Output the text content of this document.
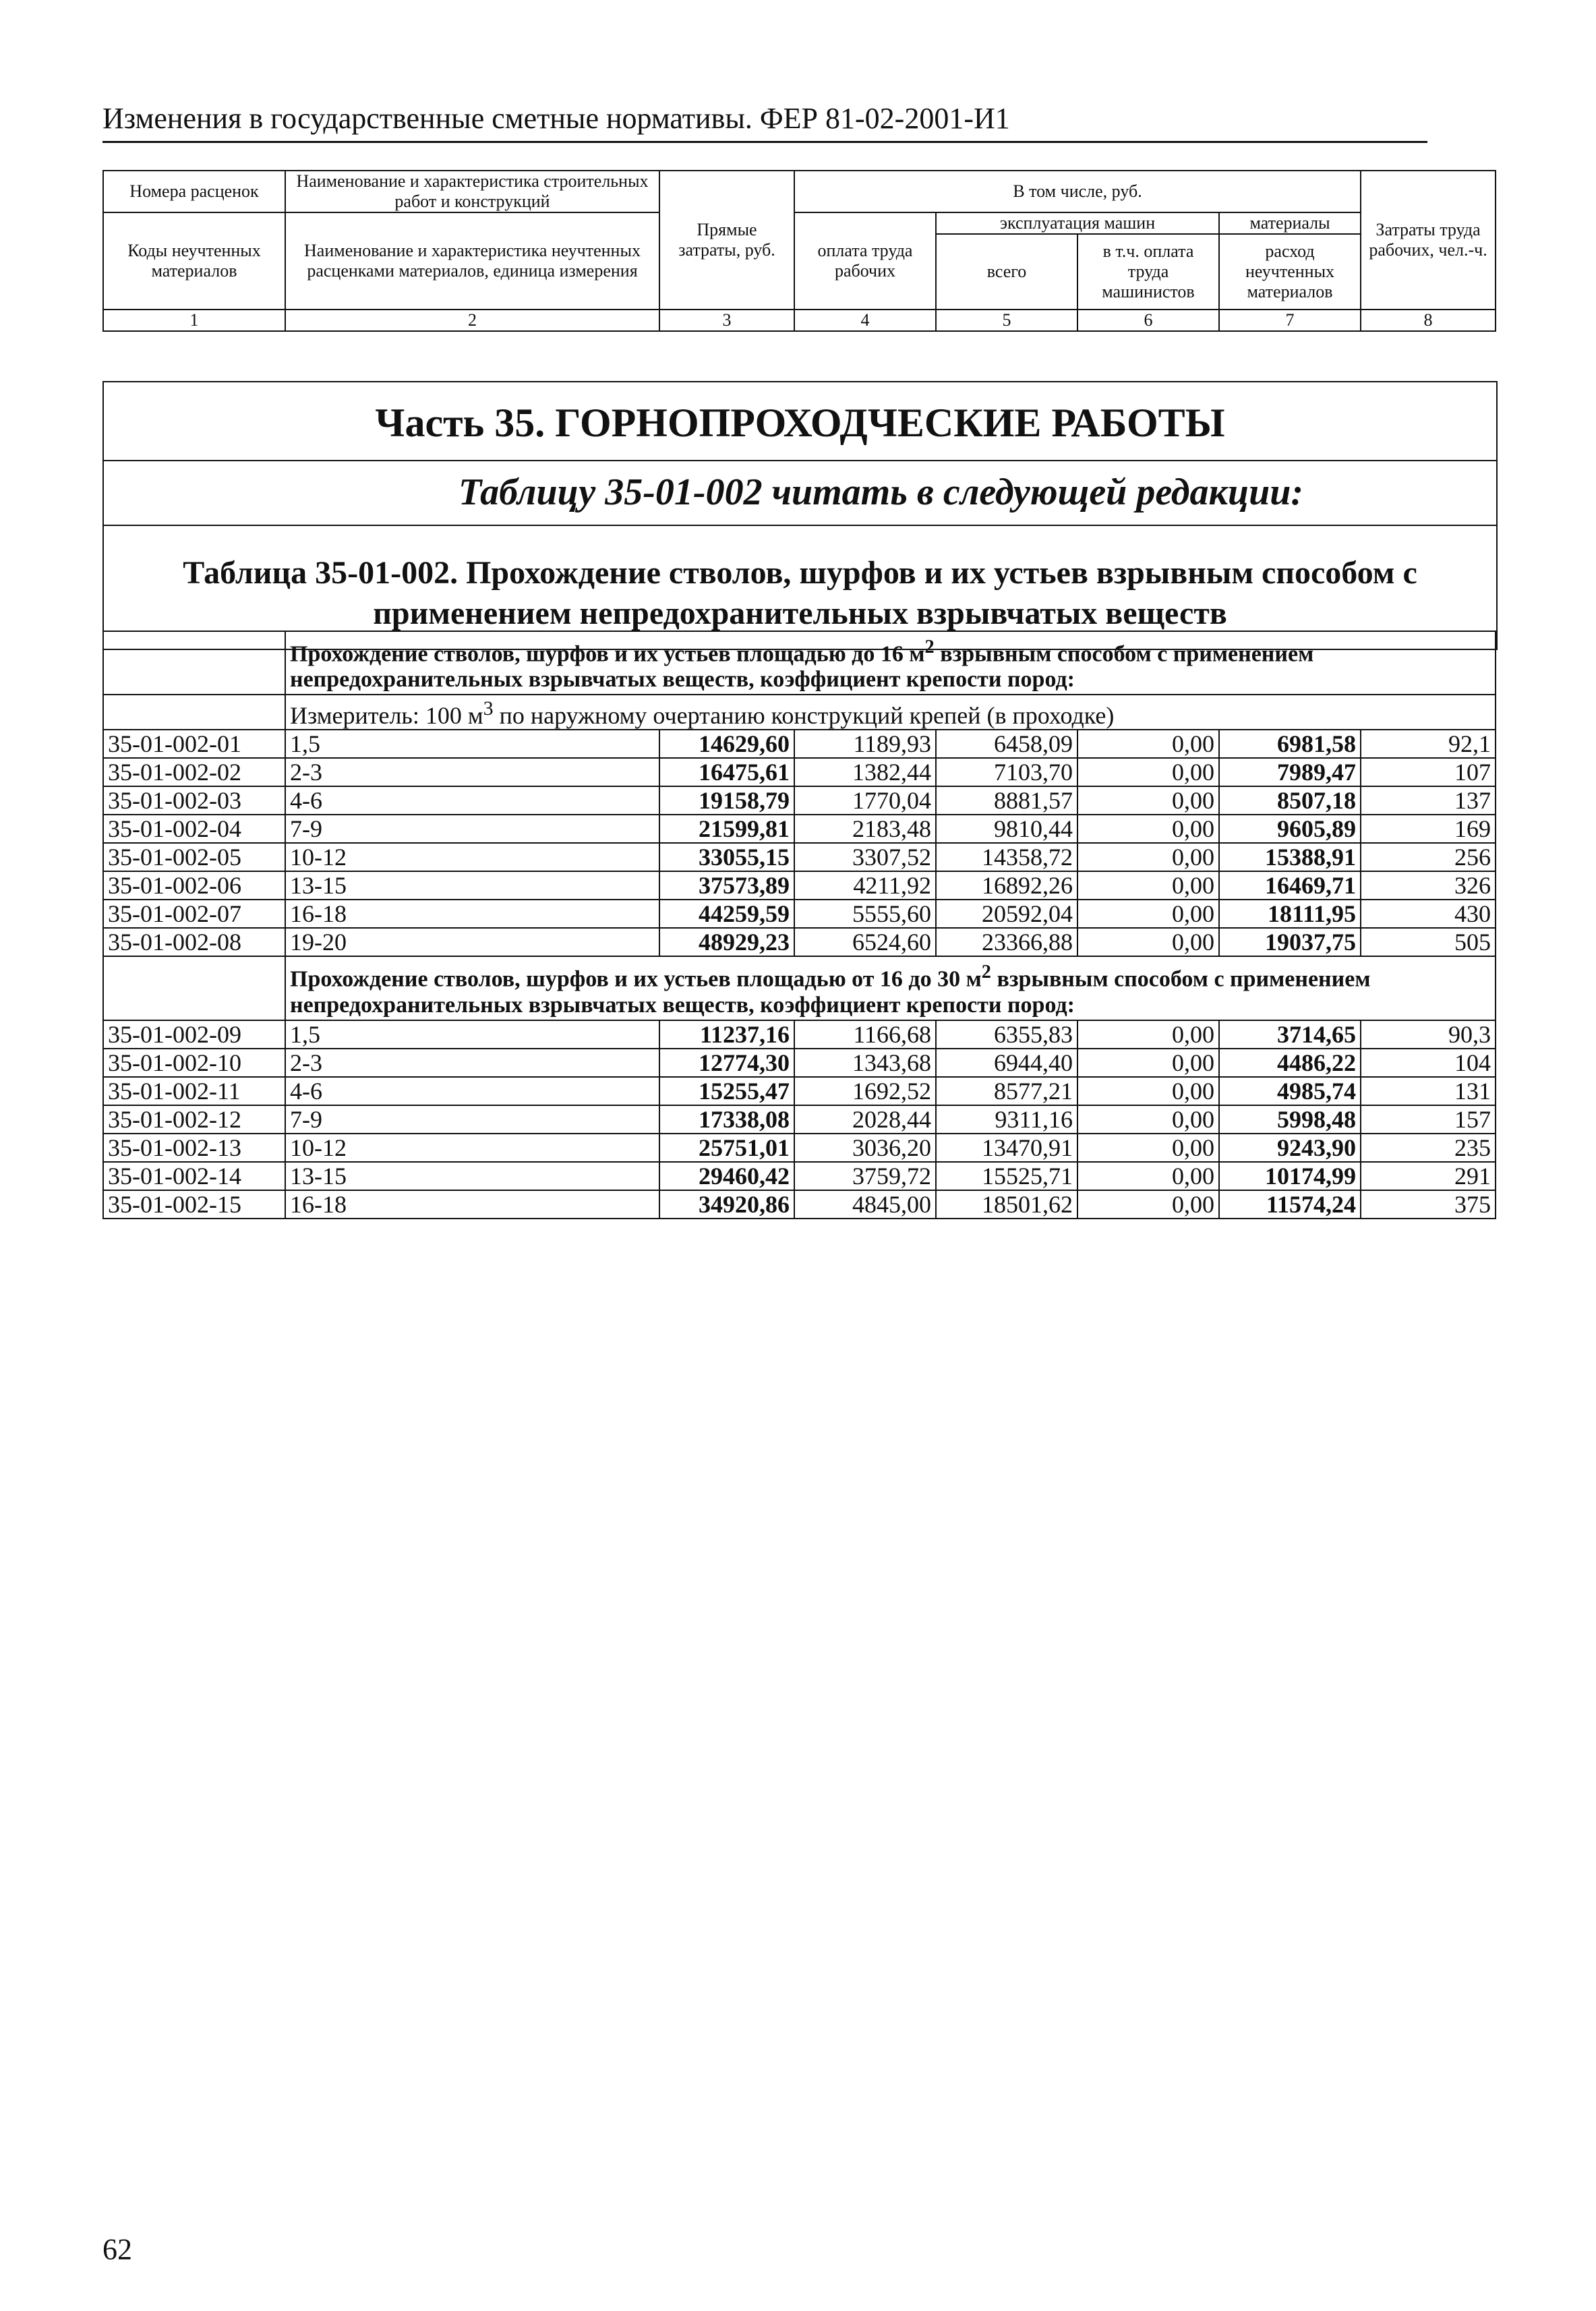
Изменения в государственные сметные нормативы. ФЕР 81-02-2001-И1
Номера расценок	Наименование и характеристика строительных работ и конструкций	Прямые затраты, руб.	В том числе, руб.				Затраты труда рабочих, чел.-ч.
Коды неучтенных материалов	Наименование и характеристика неучтенных расценками материалов, единица измерения		оплата труда рабочих	эксплуатация машин		материалы	
				всего	в т.ч. оплата труда машинистов	расход неучтенных материалов	

1	2	3	4	5	6	7	8
Часть 35. ГОРНОПРОХОДЧЕСКИЕ РАБОТЫ
Таблицу 35-01-002 читать в следующей редакции:
Таблица 35-01-002. Прохождение стволов, шурфов и их устьев взрывным способом с
применением непредохранительных взрывчатых веществ
	Прохождение стволов, шурфов и их устьев площадью до 16 $м^2$ взрывным способом с применением
непредохранительных взрывчатых веществ, коэффициент крепости пород:						
	Измеритель: 100 $м^3$ по наружному очертанию конструкций крепей (в проходке)						
35-01-002-01	1,5	14629,60	1189,93	6458,09	0,00	6981,58	92,1
35-01-002-02	2-3	16475,61	1382,44	7103,70	0,00	7989,47	107
35-01-002-03	4-6	19158,79	1770,04	8881,57	0,00	8507,18	137
35-01-002-04	7-9	21599,81	2183,48	9810,44	0,00	9605,89	169
35-01-002-05	10-12	33055,15	3307,52	14358,72	0,00	15388,91	256
35-01-002-06	13-15	37573,89	4211,92	16892,26	0,00	16469,71	326
35-01-002-07	16-18	44259,59	5555,60	20592,04	0,00	18111,95	430
35-01-002-08	19-20	48929,23	6524,60	23366,88	0,00	19037,75	505
	Прохождение стволов, шурфов и их устьев площадью от 16 до 30 $м^2$ взрывным способом с применением
непредохранительных взрывчатых веществ, коэффициент крепости пород:						
35-01-002-09	1,5	11237,16	1166,68	6355,83	0,00	3714,65	90,3
35-01-002-10	2-3	12774,30	1343,68	6944,40	0,00	4486,22	104
35-01-002-11	4-6	15255,47	1692,52	8577,21	0,00	4985,74	131
35-01-002-12	7-9	17338,08	2028,44	9311,16	0,00	5998,48	157
35-01-002-13	10-12	25751,01	3036,20	13470,91	0,00	9243,90	235
35-01-002-14	13-15	29460,42	3759,72	15525,71	0,00	10174,99	291
35-01-002-15	16-18	34920,86	4845,00	18501,62	0,00	11574,24	375
62
